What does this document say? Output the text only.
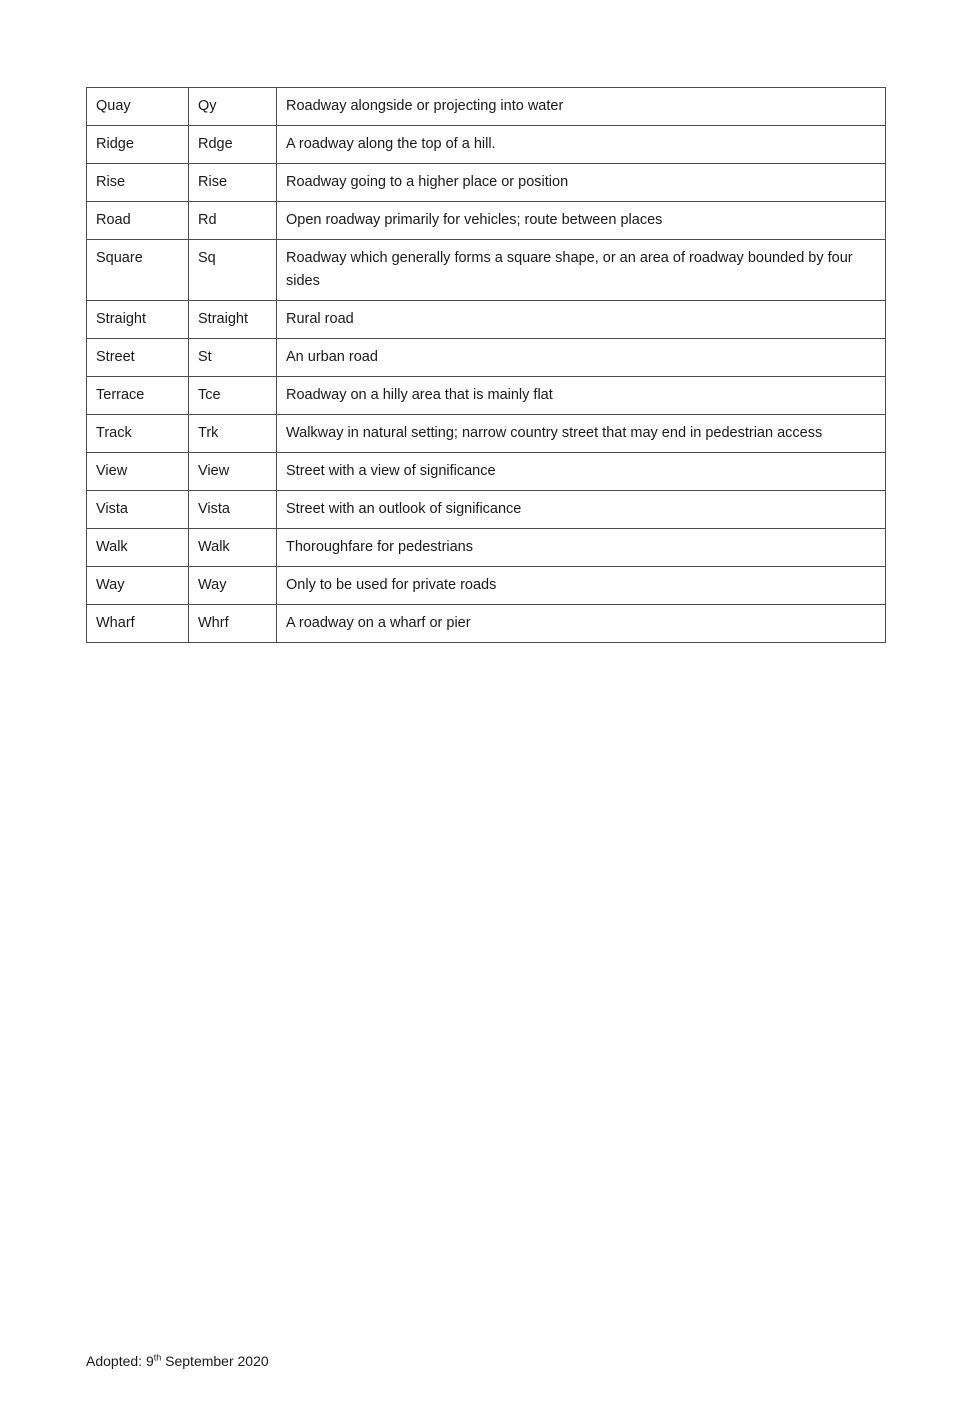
Quay	Qy	Roadway alongside or projecting into water
Ridge	Rdge	A roadway along the top of a hill.
Rise	Rise	Roadway going to a higher place or position
Road	Rd	Open roadway primarily for vehicles; route between places
Square	Sq	Roadway which generally forms a square shape, or an area of roadway bounded by four sides
Straight	Straight	Rural road
Street	St	An urban road
Terrace	Tce	Roadway on a hilly area that is mainly flat
Track	Trk	Walkway in natural setting; narrow country street that may end in pedestrian access
View	View	Street with a view of significance
Vista	Vista	Street with an outlook of significance
Walk	Walk	Thoroughfare for pedestrians
Way	Way	Only to be used for private roads
Wharf	Whrf	A roadway on a wharf or pier
Adopted: 9th September 2020
